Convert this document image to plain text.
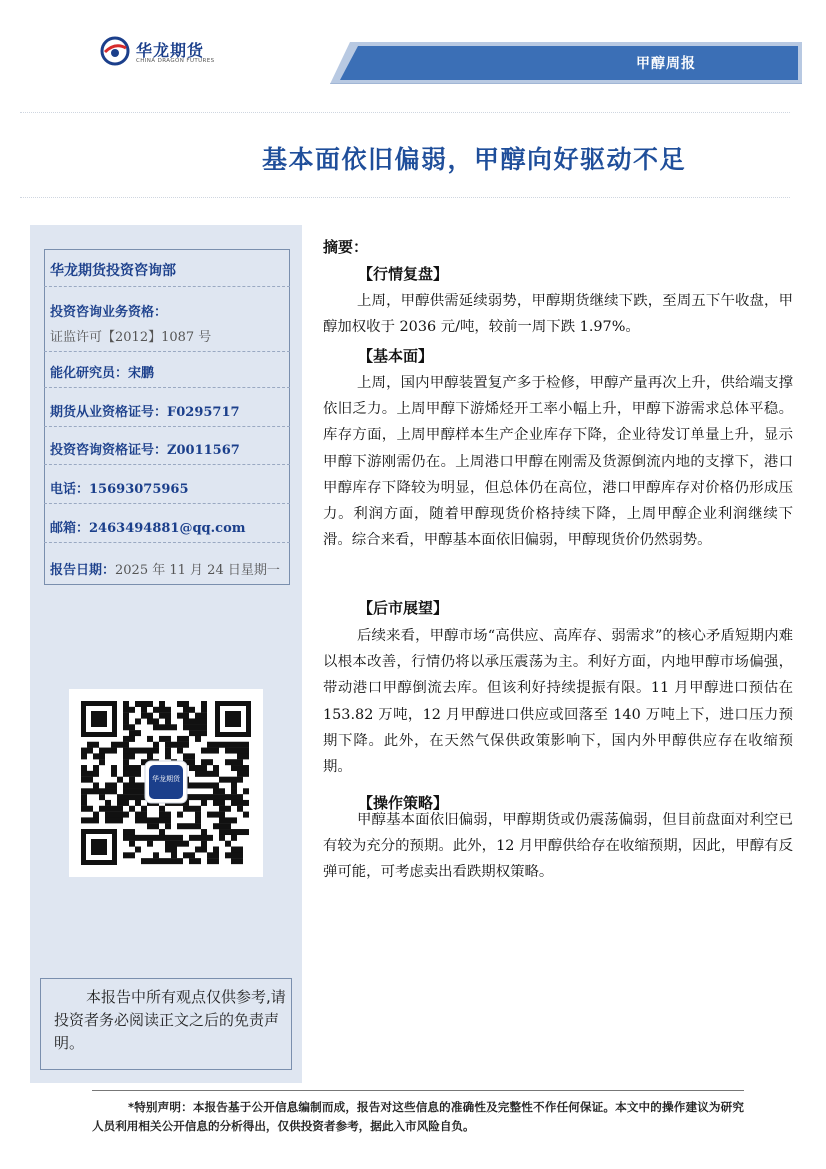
华龙期货
CHINA DRAGON FUTURES	甲醇周报
基本面依旧偏弱，甲醇向好驱动不足
华龙期货投资咨询部
投资咨询业务资格：
证监许可【2012】1087 号
能化研究员：宋鹏
期货从业资格证号：F0295717
投资咨询资格证号：Z0011567
电话：15693075965
邮箱：2463494881@qq.com
报告日期：2025 年 11 月 24 日星期一
华龙期货
本报告中所有观点仅供参考,请投资者务必阅读正文之后的免责声明。
摘要：
【行情复盘】
上周，甲醇供需延续弱势，甲醇期货继续下跌，至周五下午收盘，甲醇加权收于 2036 元/吨，较前一周下跌 1.97%。
【基本面】
上周，国内甲醇装置复产多于检修，甲醇产量再次上升，供给端支撑依旧乏力。上周甲醇下游烯烃开工率小幅上升，甲醇下游需求总体平稳。库存方面，上周甲醇样本生产企业库存下降，企业待发订单量上升，显示甲醇下游刚需仍在。上周港口甲醇在刚需及货源倒流内地的支撑下，港口甲醇库存下降较为明显，但总体仍在高位，港口甲醇库存对价格仍形成压力。利润方面，随着甲醇现货价格持续下降，上周甲醇企业利润继续下滑。综合来看，甲醇基本面依旧偏弱，甲醇现货价仍然弱势。
【后市展望】
后续来看，甲醇市场“高供应、高库存、弱需求”的核心矛盾短期内难以根本改善，行情仍将以承压震荡为主。利好方面，内地甲醇市场偏强，带动港口甲醇倒流去库。但该利好持续提振有限。11 月甲醇进口预估在 153.82 万吨，12 月甲醇进口供应或回落至 140 万吨上下，进口压力预期下降。此外，在天然气保供政策影响下，国内外甲醇供应存在收缩预期。
【操作策略】
甲醇基本面依旧偏弱，甲醇期货或仍震荡偏弱，但目前盘面对利空已有较为充分的预期。此外，12 月甲醇供给存在收缩预期，因此，甲醇有反弹可能，可考虑卖出看跌期权策略。
*特别声明：本报告基于公开信息编制而成，报告对这些信息的准确性及完整性不作任何保证。本文中的操作建议为研究人员利用相关公开信息的分析得出，仅供投资者参考，据此入市风险自负。
